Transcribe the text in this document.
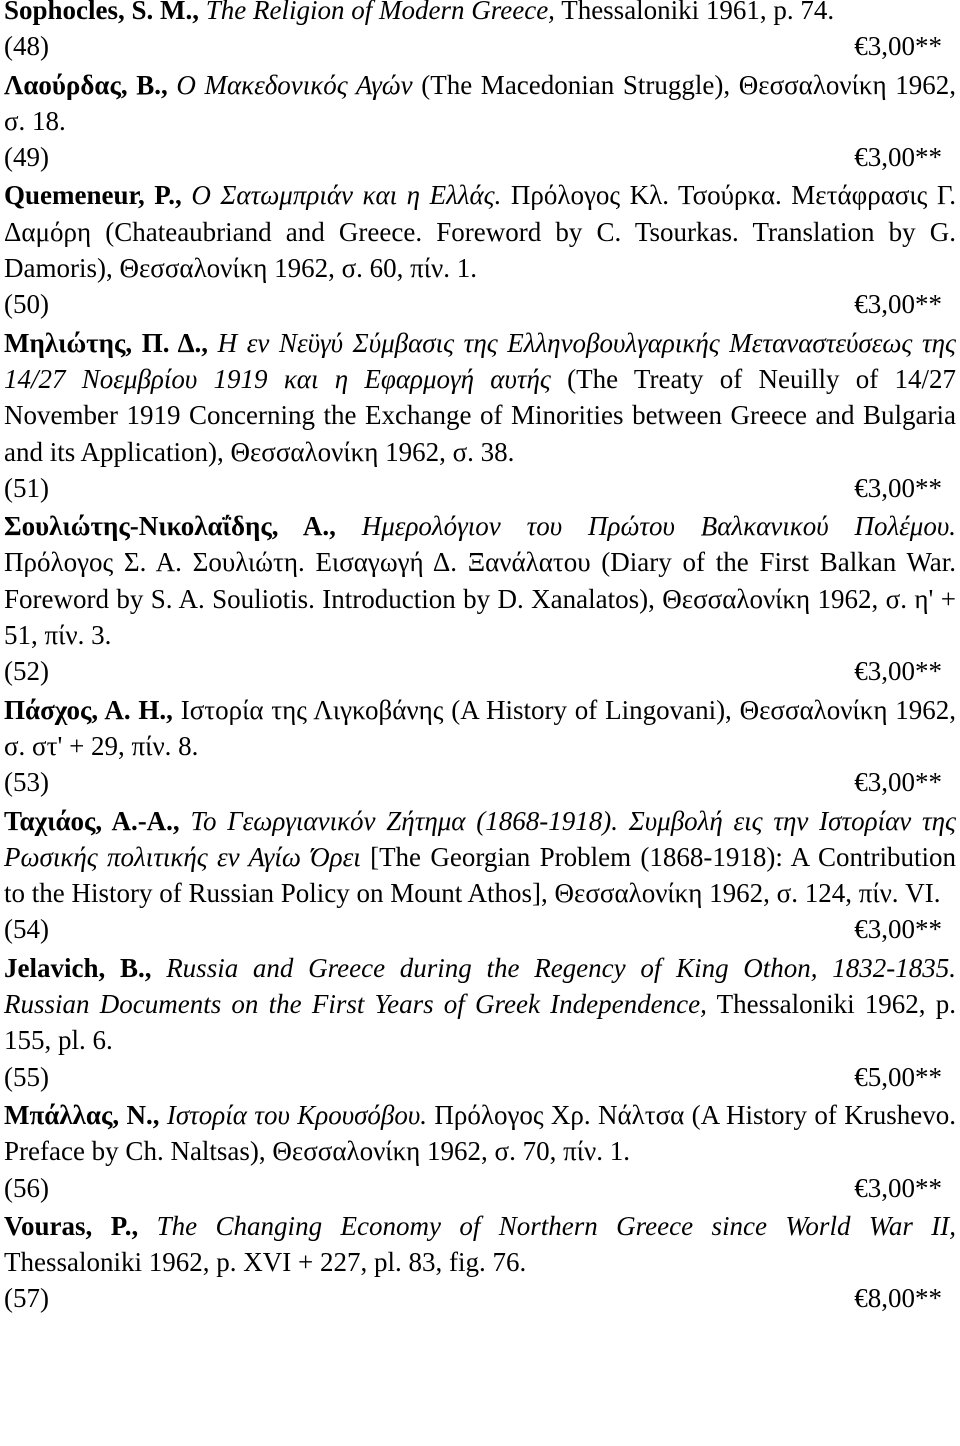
Sophocles, S. M., The Religion of Modern Greece, Thessaloniki 1961, p. 74.

(48)	€3,00**

Λαούρδας, Β., Ο Μακεδονικός Αγών (The Macedonian Struggle), Θεσσαλονίκη 1962, σ. 18.

(49)	€3,00**

Quemeneur, P., Ο Σατωμπριάν και η Ελλάς. Πρόλογος Κλ. Τσούρκα. Μετάφρασις Γ. Δαμόρη (Chateaubriand and Greece. Foreword by C. Tsourkas. Translation by G. Damoris), Θεσσαλονίκη 1962, σ. 60, πίν. 1.

(50)	€3,00**

Μηλιώτης, Π. Δ., Η εν Νεϋγύ Σύμβασις της Ελληνοβουλγαρικής Μεταναστεύσεως της 14/27 Νοεμβρίου 1919 και η Εφαρμογή αυτής (The Treaty of Neuilly of 14/27 November 1919 Concerning the Exchange of Minorities between Greece and Bulgaria and its Application), Θεσσαλονίκη 1962, σ. 38.

(51)	€3,00**

Σουλιώτης-Νικολαΐδης, Α., Ημερολόγιον του Πρώτου Βαλκανικού Πολέμου. Πρόλογος Σ. Α. Σουλιώτη. Εισαγωγή Δ. Ξανάλατου (Diary of the First Balkan War. Foreword by S. A. Souliotis. Introduction by D. Xanalatos), Θεσσαλονίκη 1962, σ. η' + 51, πίν. 3.

(52)	€3,00**

Πάσχος, Α. Η., Ιστορία της Λιγκοβάνης (A History of Lingovani), Θεσσαλονίκη 1962, σ. στ' + 29, πίν. 8.

(53)	€3,00**

Ταχιάος, Α.-Α., Το Γεωργιανικόν Ζήτημα (1868-1918). Συμβολή εις την Ιστορίαν της Ρωσικής πολιτικής εν Αγίω Όρει [The Georgian Problem (1868-1918): A Contribution to the History of Russian Policy on Mount Athos], Θεσσαλονίκη 1962, σ. 124, πίν. VI.

(54)	€3,00**

Jelavich, B., Russia and Greece during the Regency of King Othon, 1832-1835. Russian Documents on the First Years of Greek Independence, Thessaloniki 1962, p. 155, pl. 6.

(55)	€5,00**

Μπάλλας, Ν., Ιστορία του Κρουσόβου. Πρόλογος Χρ. Νάλτσα (A History of Krushevo. Preface by Ch. Naltsas), Θεσσαλονίκη 1962, σ. 70, πίν. 1.

(56)	€3,00**

Vouras, P., The Changing Economy of Northern Greece since World War II, Thessaloniki 1962, p. XVI + 227, pl. 83, fig. 76.

(57)	€8,00**
